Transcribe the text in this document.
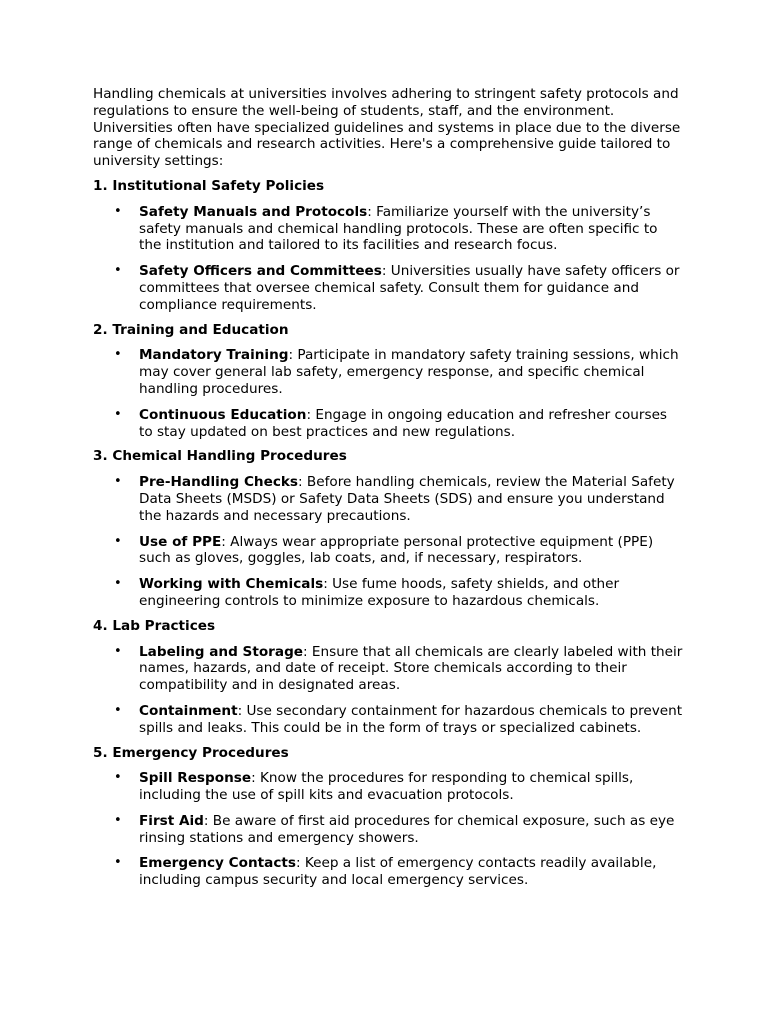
Handling chemicals at universities involves adhering to stringent safety protocols and regulations to ensure the well-being of students, staff, and the environment. Universities often have specialized guidelines and systems in place due to the diverse range of chemicals and research activities. Here's a comprehensive guide tailored to university settings:

1. Institutional Safety Policies
• Safety Manuals and Protocols: Familiarize yourself with the university’s safety manuals and chemical handling protocols. These are often specific to the institution and tailored to its facilities and research focus.
• Safety Officers and Committees: Universities usually have safety officers or committees that oversee chemical safety. Consult them for guidance and compliance requirements.
2. Training and Education
• Mandatory Training: Participate in mandatory safety training sessions, which may cover general lab safety, emergency response, and specific chemical handling procedures.
• Continuous Education: Engage in ongoing education and refresher courses to stay updated on best practices and new regulations.
3. Chemical Handling Procedures
• Pre-Handling Checks: Before handling chemicals, review the Material Safety Data Sheets (MSDS) or Safety Data Sheets (SDS) and ensure you understand the hazards and necessary precautions.
• Use of PPE: Always wear appropriate personal protective equipment (PPE) such as gloves, goggles, lab coats, and, if necessary, respirators.
• Working with Chemicals: Use fume hoods, safety shields, and other engineering controls to minimize exposure to hazardous chemicals.
4. Lab Practices
• Labeling and Storage: Ensure that all chemicals are clearly labeled with their names, hazards, and date of receipt. Store chemicals according to their compatibility and in designated areas.
• Containment: Use secondary containment for hazardous chemicals to prevent spills and leaks. This could be in the form of trays or specialized cabinets.
5. Emergency Procedures
• Spill Response: Know the procedures for responding to chemical spills, including the use of spill kits and evacuation protocols.
• First Aid: Be aware of first aid procedures for chemical exposure, such as eye rinsing stations and emergency showers.
• Emergency Contacts: Keep a list of emergency contacts readily available, including campus security and local emergency services.
